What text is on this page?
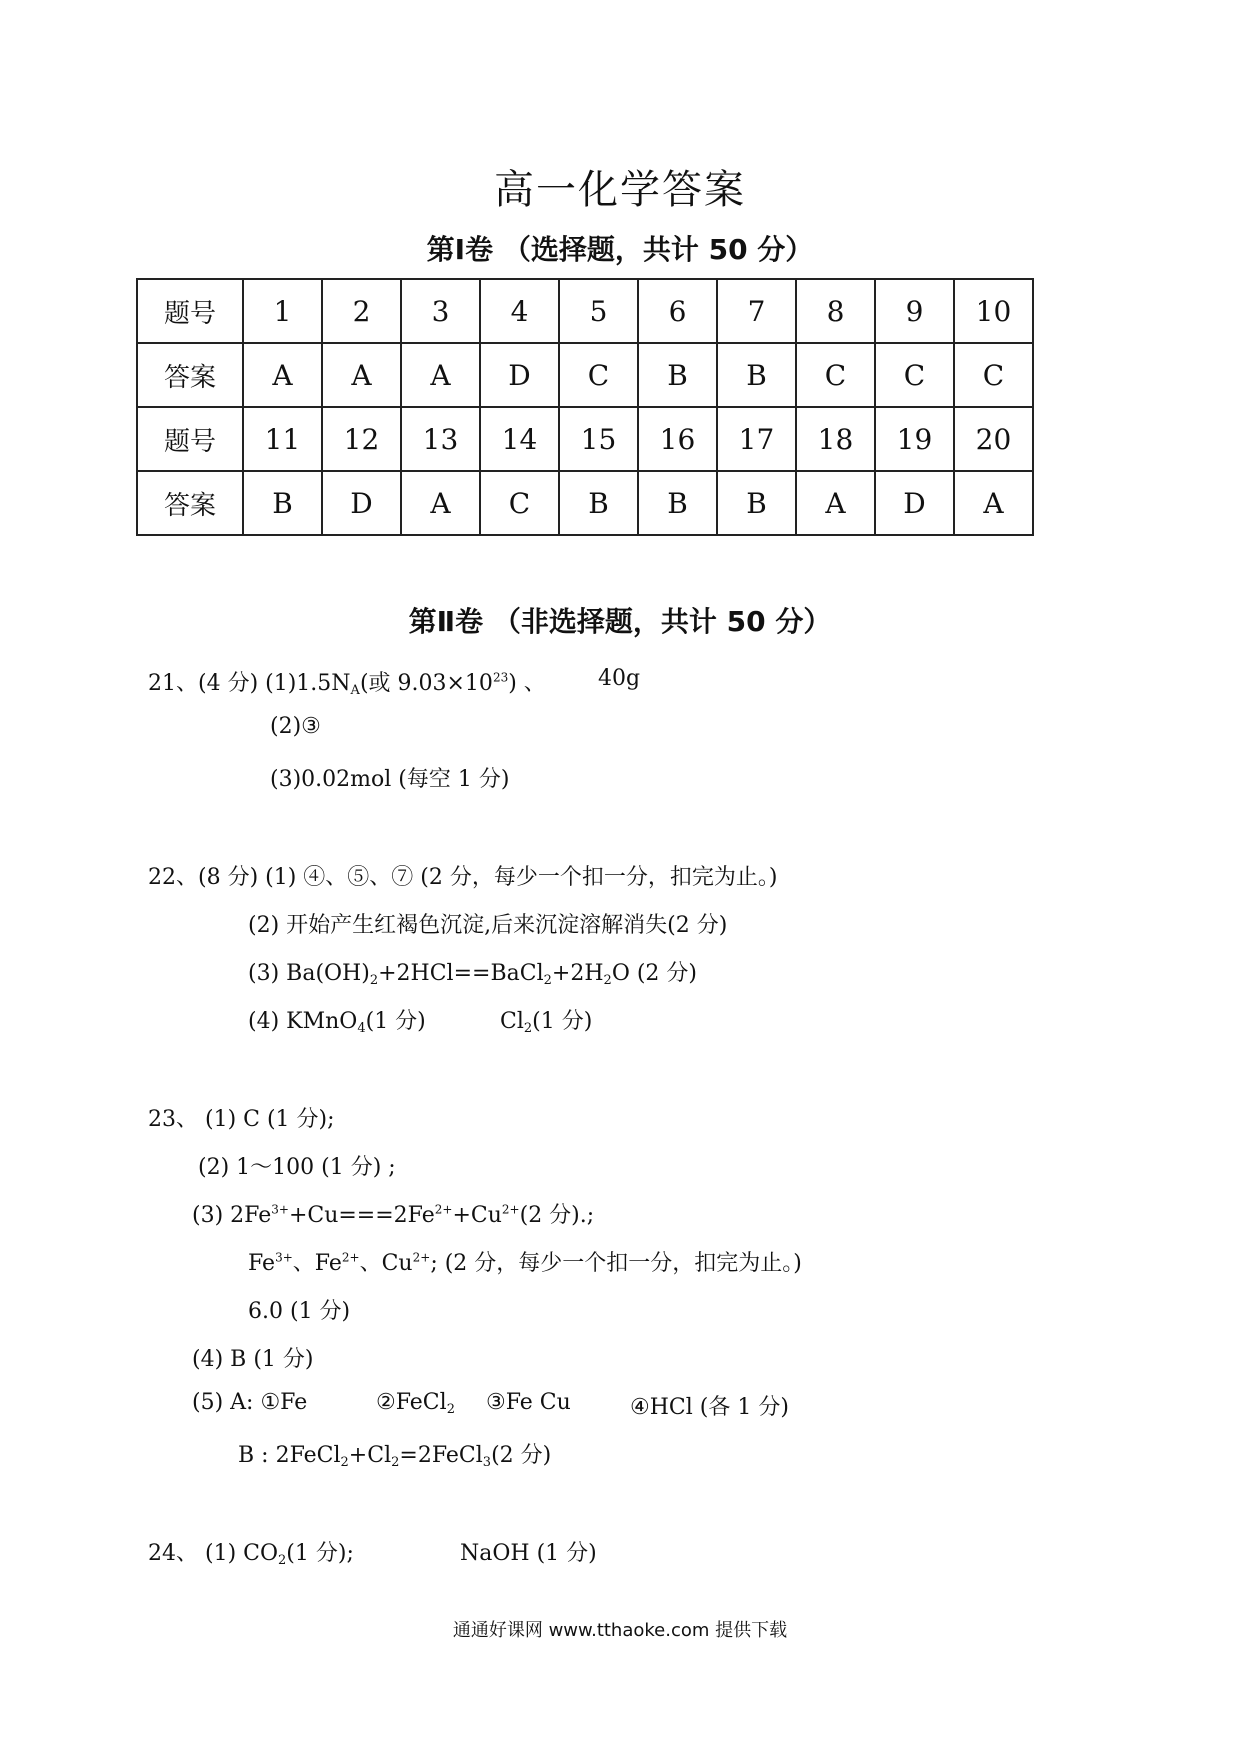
高一化学答案
第Ⅰ卷 （选择题，共计 50 分）
题号	1	2	3	4	5	6	7	8	9	10
答案	A	A	A	D	C	B	B	C	C	C
题号	11	12	13	14	15	16	17	18	19	20
答案	B	D	A	C	B	B	B	A	D	A
第Ⅱ卷 （非选择题，共计 50 分）
21、(4 分) $(1)1.5N_A$(或 $9.03\times 10^{23}$) 、 40g
(2)③
(3)0.02mol (每空 1 分)
22、(8 分) (1) ④、⑤、⑦ (2 分，每少一个扣一分，扣完为止。)
(2) 开始产生红褐色沉淀,后来沉淀溶解消失(2 分)
(3) $Ba(OH)_2+2HCl==BaCl_2+2H_2O$ (2 分)
(4) KMnO$_4$(1 分)	$Cl_2(1$ 分)
23、 (1) C (1 分);
(2) 1～100 (1 分) ;
(3) $2Fe^{3+}+Cu===2Fe^{2+}+Cu^{2+}(2$ 分).;
$Fe^{3+}$、$Fe^{2+}$、$Cu^{2+}$; (2 分，每少一个扣一分，扣完为止。)
6.0 (1 分)
(4) B (1 分)
(5) A: ①Fe	②FeCl$_2$ ③Fe Cu	④HCl (各 1 分)
B : $2FeCl_2+Cl_2=2FeCl_3(2$ 分)
24、 (1) $CO_2(1$ 分);	NaOH (1 分)
通通好课网 www.tthaoke.com 提供下载
